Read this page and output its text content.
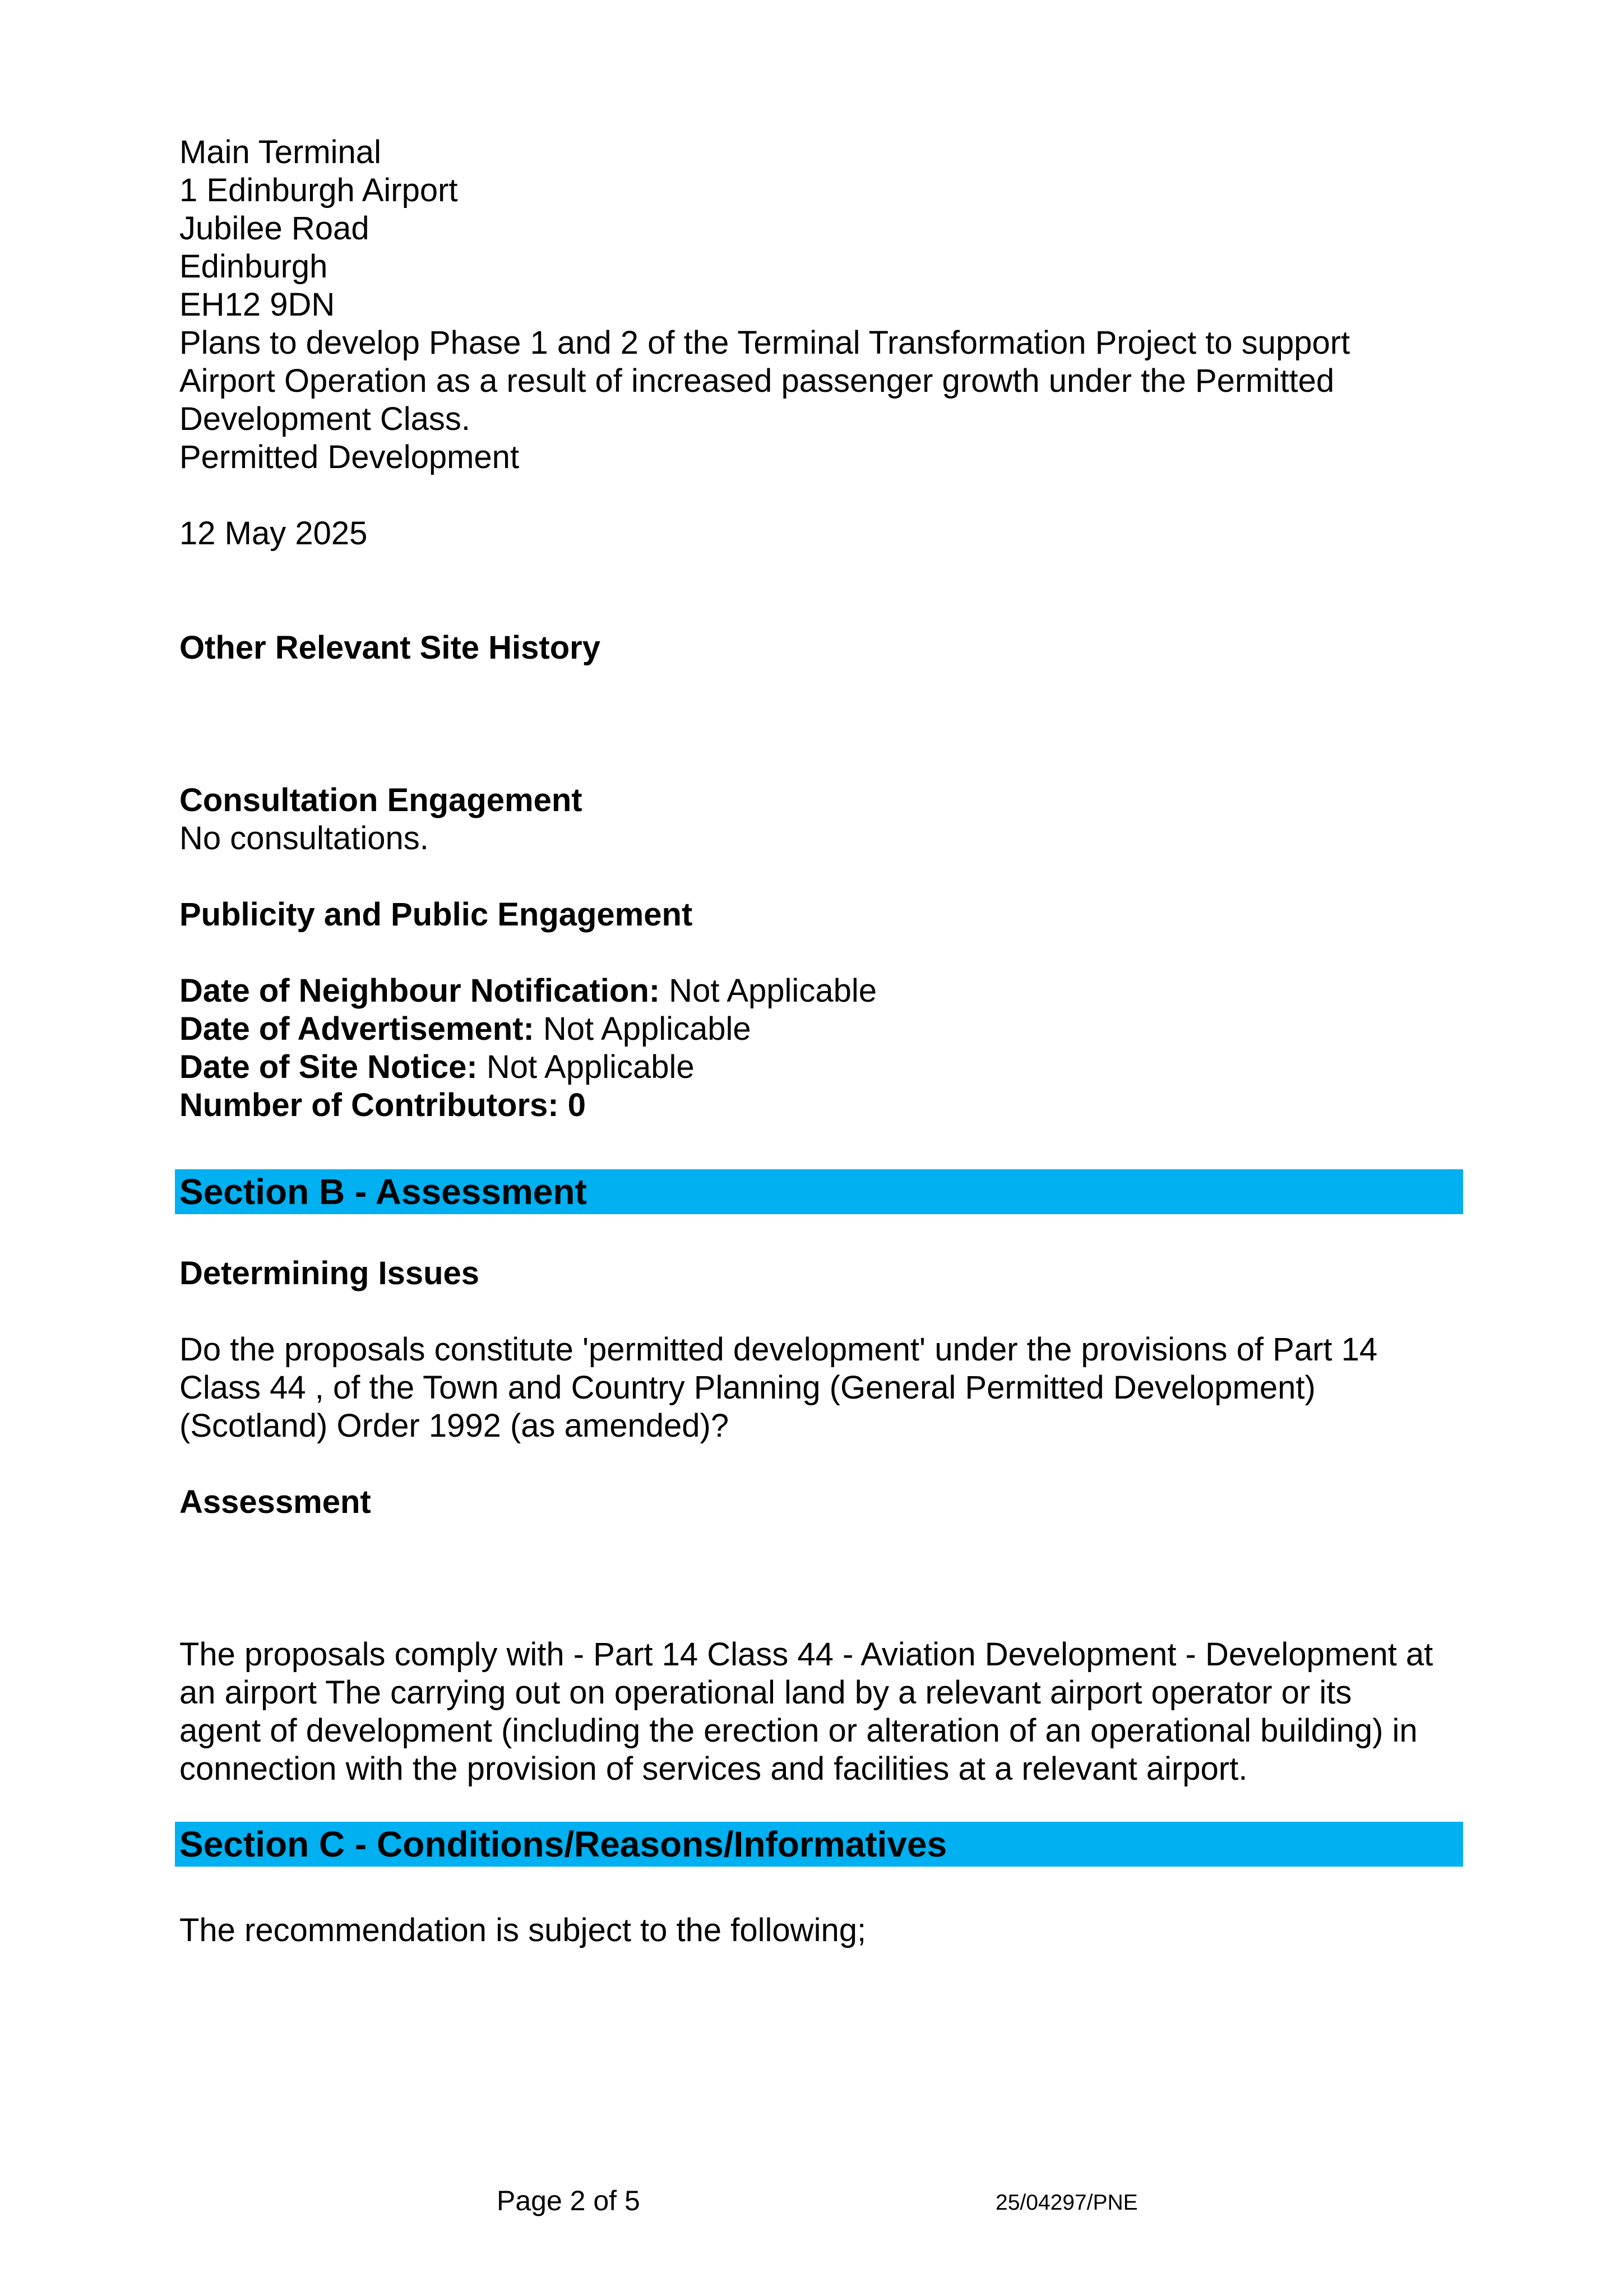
Main Terminal
1 Edinburgh Airport
Jubilee Road
Edinburgh
EH12 9DN
Plans to develop Phase 1 and 2 of the Terminal Transformation Project to support
Airport Operation as a result of increased passenger growth under the Permitted
Development Class.
Permitted Development
12 May 2025
Other Relevant Site History
Consultation Engagement
No consultations.
Publicity and Public Engagement
Date of Neighbour Notification: Not Applicable
Date of Advertisement: Not Applicable
Date of Site Notice: Not Applicable
Number of Contributors: 0
Section B - Assessment
Determining Issues
Do the proposals constitute 'permitted development' under the provisions of Part 14
Class 44 , of the Town and Country Planning (General Permitted Development)
(Scotland) Order 1992 (as amended)?
Assessment
The proposals comply with - Part 14 Class 44 - Aviation Development - Development at
an airport The carrying out on operational land by a relevant airport operator or its
agent of development (including the erection or alteration of an operational building) in
connection with the provision of services and facilities at a relevant airport.
Section C - Conditions/Reasons/Informatives
The recommendation is subject to the following;
Page 2 of 5	25/04297/PNE
